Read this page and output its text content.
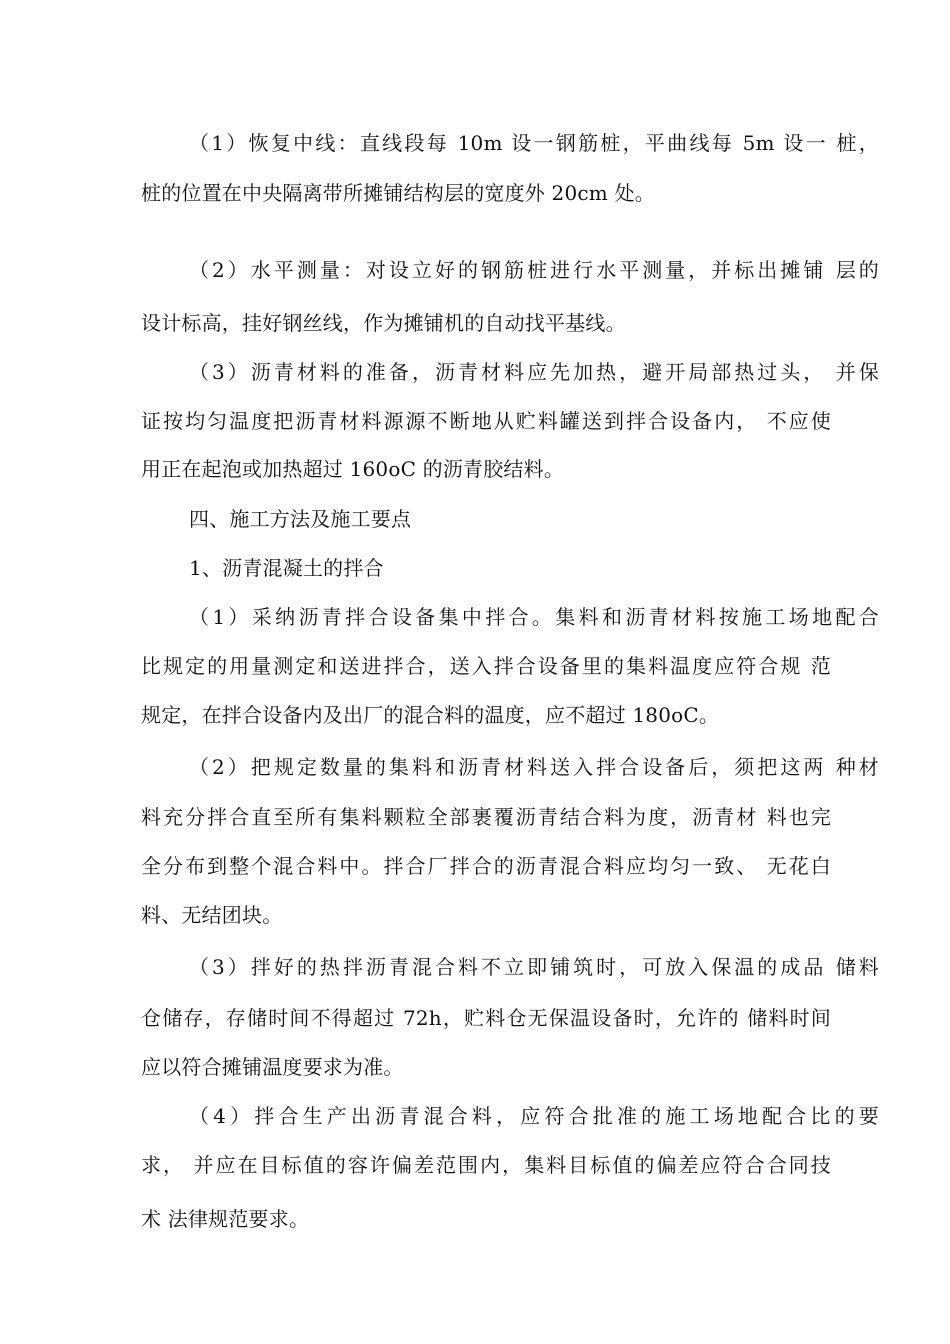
（1）恢复中线：直线段每 10m 设一钢筋桩，平曲线每 5m 设一 桩，
桩的位置在中央隔离带所摊铺结构层的宽度外 20cm 处。
（2）水平测量：对设立好的钢筋桩进行水平测量，并标出摊铺 层的
设计标高，挂好钢丝线，作为摊铺机的自动找平基线。
（3）沥青材料的准备，沥青材料应先加热，避开局部热过头， 并保
证按均匀温度把沥青材料源源不断地从贮料罐送到拌合设备内， 不应使
用正在起泡或加热超过 160oC 的沥青胶结料。
四、施工方法及施工要点
1、沥青混凝土的拌合
（1）采纳沥青拌合设备集中拌合。集料和沥青材料按施工场地配合
比规定的用量测定和送进拌合，送入拌合设备里的集料温度应符合规 范
规定，在拌合设备内及出厂的混合料的温度，应不超过 180oC。
（2）把规定数量的集料和沥青材料送入拌合设备后，须把这两 种材
料充分拌合直至所有集料颗粒全部裹覆沥青结合料为度，沥青材 料也完
全分布到整个混合料中。拌合厂拌合的沥青混合料应均匀一致、 无花白
料、无结团块。
（3）拌好的热拌沥青混合料不立即铺筑时，可放入保温的成品 储料
仓储存，存储时间不得超过 72h，贮料仓无保温设备时，允许的 储料时间
应以符合摊铺温度要求为准。
（4）拌合生产出沥青混合料，应符合批准的施工场地配合比的要
求， 并应在目标值的容许偏差范围内，集料目标值的偏差应符合合同技
术 法律规范要求。
